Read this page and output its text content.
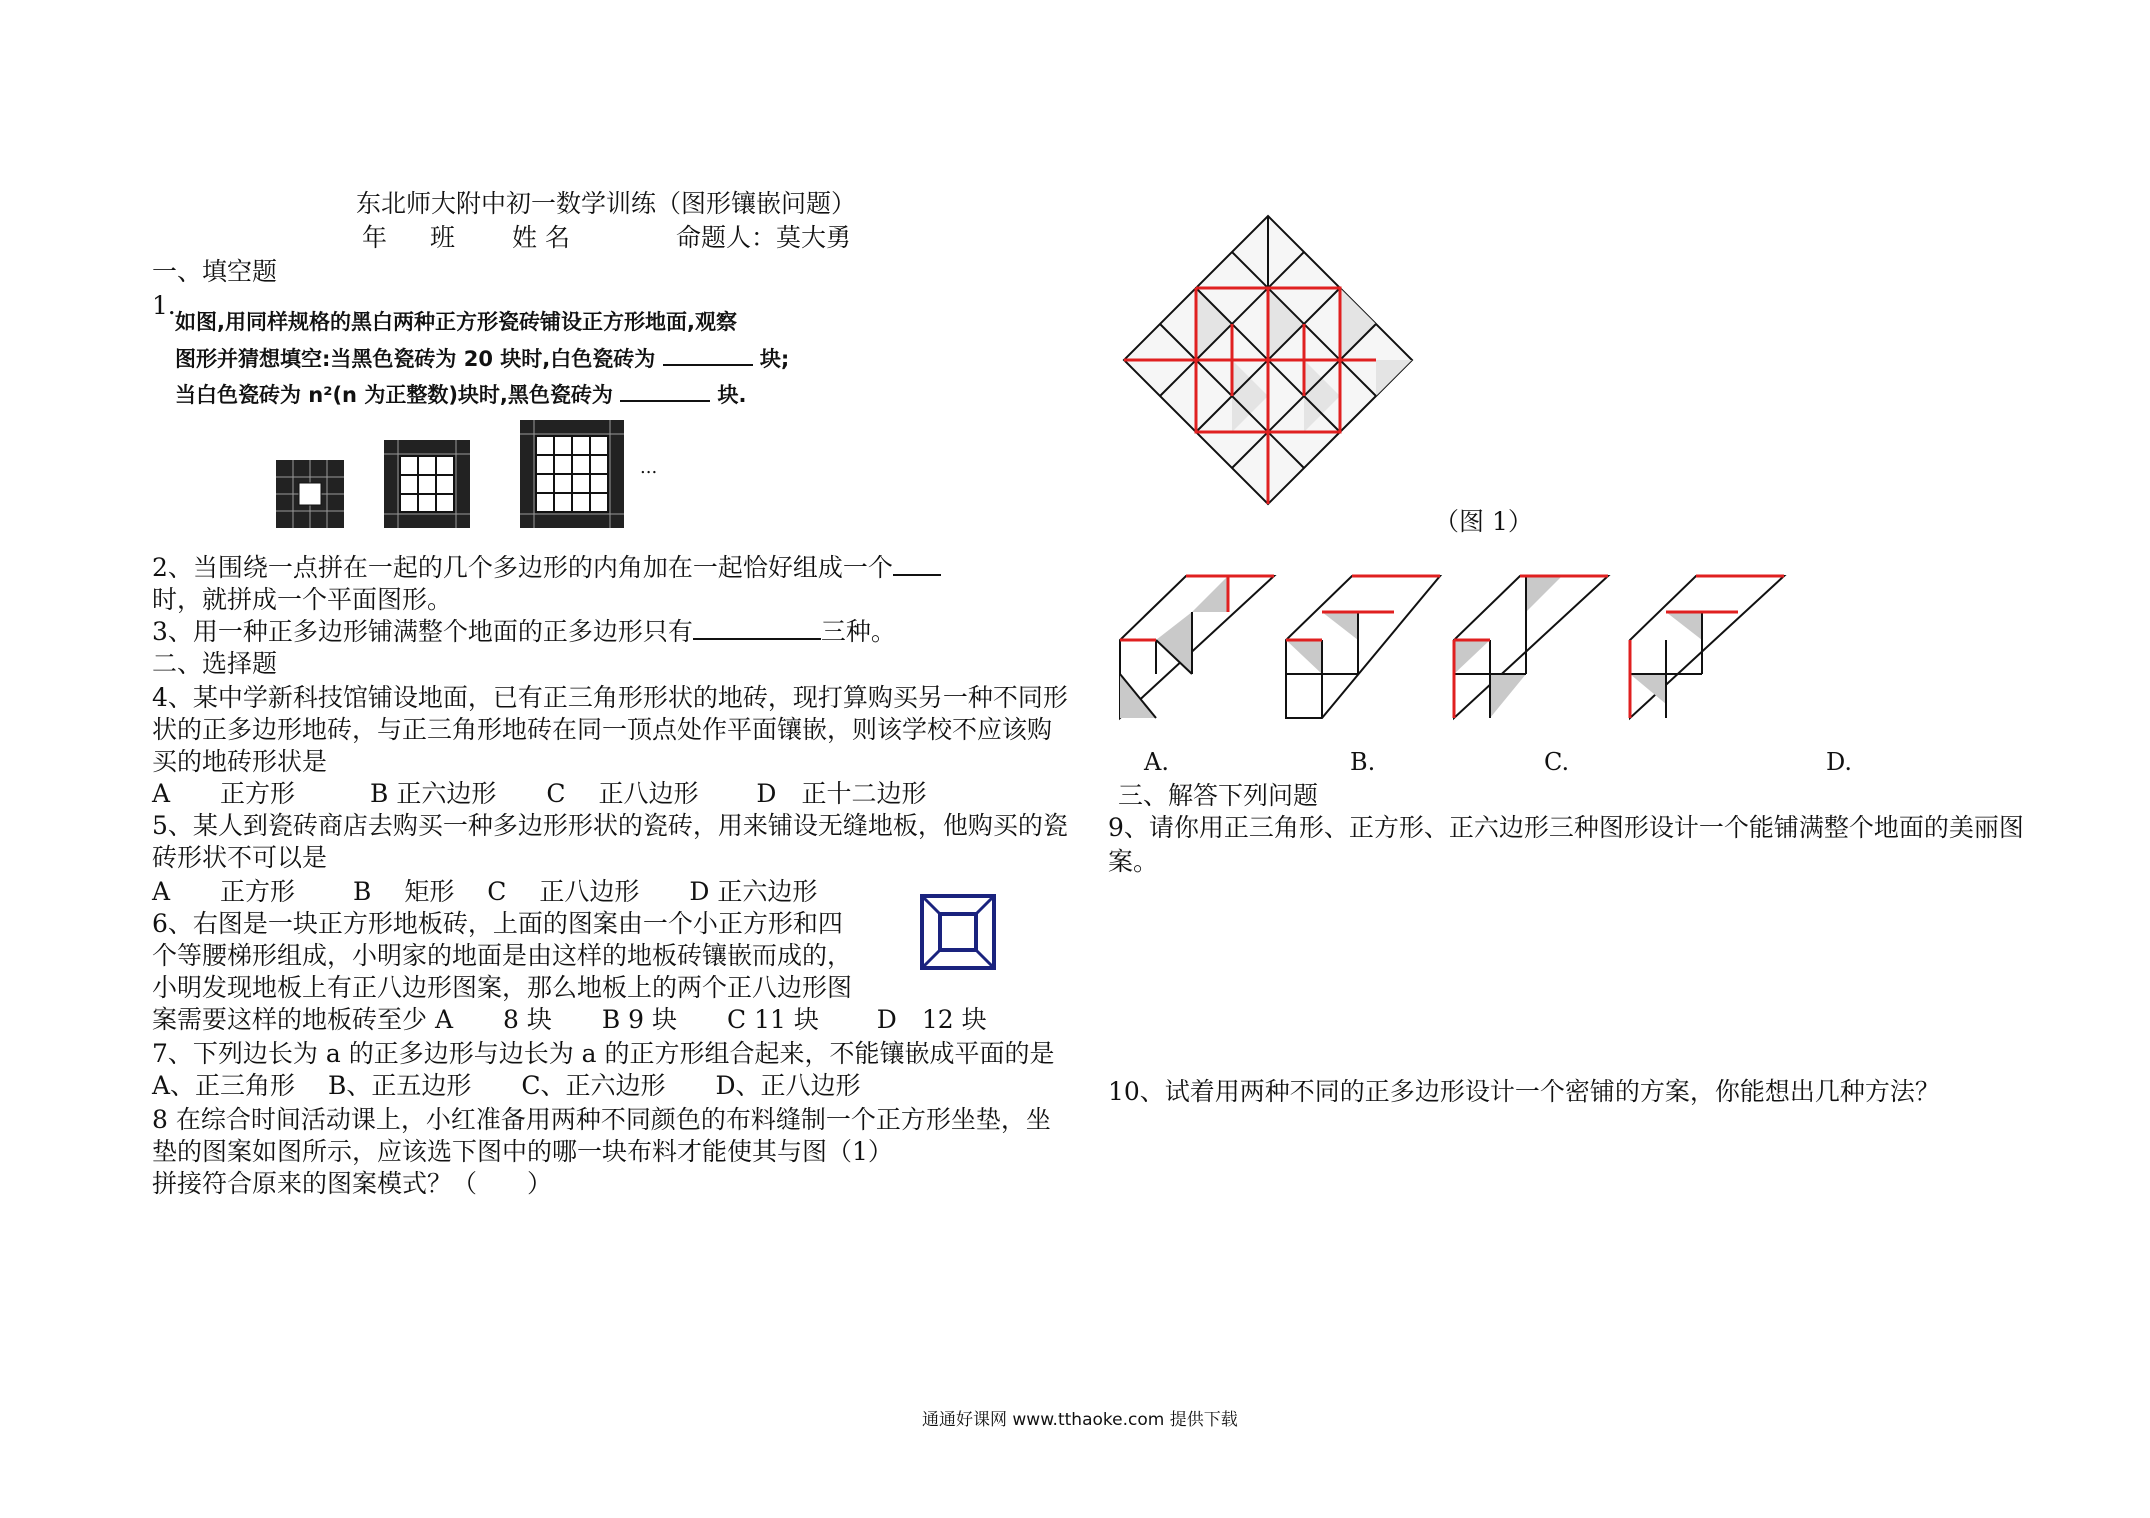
东北师大附中初一数学训练（图形镶嵌问题）
年 班 姓 名	命题人：莫大勇
一、填空题
1．
如图,用同样规格的黑白两种正方形瓷砖铺设正方形地面,观察
图形并猜想填空:当黑色瓷砖为 20 块时,白色瓷砖为	块;
当白色瓷砖为 n²(n 为正整数)块时,黑色瓷砖为	块.
...
2、当围绕一点拼在一起的几个多边形的内角加在一起恰好组成一个
时，就拼成一个平面图形。
3、用一种正多边形铺满整个地面的正多边形只有	三种。
二、选择题
4、某中学新科技馆铺设地面，已有正三角形形状的地砖，现打算购买另一种不同形
状的正多边形地砖，与正三角形地砖在同一顶点处作平面镶嵌，则该学校不应该购
买的地砖形状是
A　　正方形　　　B 正六边形　　C　 正八边形　　 D　正十二边形
5、某人到瓷砖商店去购买一种多边形形状的瓷砖，用来铺设无缝地板，他购买的瓷
砖形状不可以是
A　　正方形　　 B　 矩形　 C　 正八边形　　D 正六边形
6、右图是一块正方形地板砖，上面的图案由一个小正方形和四
个等腰梯形组成，小明家的地面是由这样的地板砖镶嵌而成的，
小明发现地板上有正八边形图案，那么地板上的两个正八边形图
案需要这样的地板砖至少 A　　8 块　　B 9 块　　C 11 块　　 D　12 块
7、下列边长为 a 的正多边形与边长为 a 的正方形组合起来，不能镶嵌成平面的是
A、正三角形　 B、正五边形　　C、正六边形　　D、正八边形
8 在综合时间活动课上，小红准备用两种不同颜色的布料缝制一个正方形坐垫，坐
垫的图案如图所示，应该选下图中的哪一块布料才能使其与图（1）
拼接符合原来的图案模式？（　　）
（图 1）
A.	B.	C.	D.
三、解答下列问题
9、请你用正三角形、正方形、正六边形三种图形设计一个能铺满整个地面的美丽图
案。
10、试着用两种不同的正多边形设计一个密铺的方案，你能想出几种方法？
通通好课网 www.tthaoke.com 提供下载
